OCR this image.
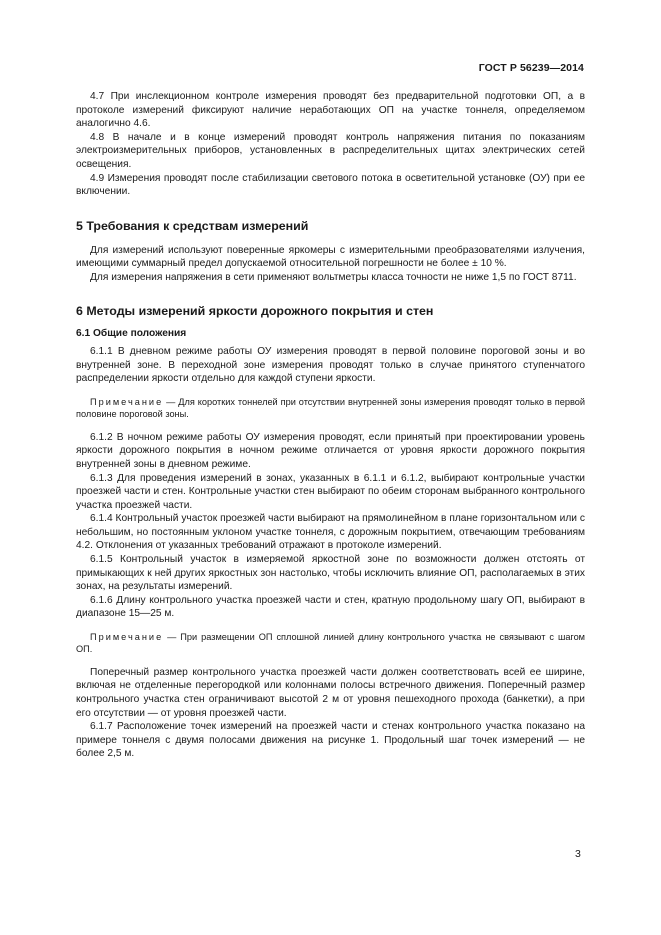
ГОСТ Р 56239—2014

4.7 При инслекционном контроле измерения проводят без предварительной подготовки ОП, а в протоколе измерений фиксируют наличие неработающих ОП на участке тоннеля, определяемом аналогично 4.6.

4.8 В начале и в конце измерений проводят контроль напряжения питания по показаниям электроизмерительных приборов, установленных в распределительных щитах электрических сетей освещения.

4.9 Измерения проводят после стабилизации светового потока в осветительной установке (ОУ) при ее включении.

5 Требования к средствам измерений

Для измерений используют поверенные яркомеры с измерительными преобразователями излучения, имеющими суммарный предел допускаемой относительной погрешности не более ± 10 %.

Для измерения напряжения в сети применяют вольтметры класса точности не ниже 1,5 по ГОСТ 8711.

6 Методы измерений яркости дорожного покрытия и стен
6.1 Общие положения

6.1.1 В дневном режиме работы ОУ измерения проводят в первой половине пороговой зоны и во внутренней зоне. В переходной зоне измерения проводят только в случае принятого ступенчатого распределении яркости отдельно для каждой ступени яркости.

Примечание — Для коротких тоннелей при отсутствии внутренней зоны измерения проводят только в первой половине пороговой зоны.

6.1.2 В ночном режиме работы ОУ измерения проводят, если принятый при проектировании уровень яркости дорожного покрытия в ночном режиме отличается от уровня яркости дорожного покрытия внутренней зоны в дневном режиме.

6.1.3 Для проведения измерений в зонах, указанных в 6.1.1 и 6.1.2, выбирают контрольные участки проезжей части и стен. Контрольные участки стен выбирают по обеим сторонам выбранного контрольного участка проезжей части.

6.1.4 Контрольный участок проезжей части выбирают на прямолинейном в плане горизонтальном или с небольшим, но постоянным уклоном участке тоннеля, с дорожным покрытием, отвечающим требованиям 4.2. Отклонения от указанных требований отражают в протоколе измерений.

6.1.5 Контрольный участок в измеряемой яркостной зоне по возможности должен отстоять от примыкающих к ней других яркостных зон настолько, чтобы исключить влияние ОП, располагаемых в этих зонах, на результаты измерений.

6.1.6 Длину контрольного участка проезжей части и стен, кратную продольному шагу ОП, выбирают в диапазоне 15—25 м.

Примечание — При размещении ОП сплошной линией длину контрольного участка не связывают с шагом ОП.

Поперечный размер контрольного участка проезжей части должен соответствовать всей ее ширине, включая не отделенные перегородкой или колоннами полосы встречного движения. Поперечный размер контрольного участка стен ограничивают высотой 2 м от уровня пешеходного прохода (банкетки), а при его отсутствии — от уровня проезжей части.

6.1.7 Расположение точек измерений на проезжей части и стенах контрольного участка показано на примере тоннеля с двумя полосами движения на рисунке 1. Продольный шаг точек измерений — не более 2,5 м.

3
